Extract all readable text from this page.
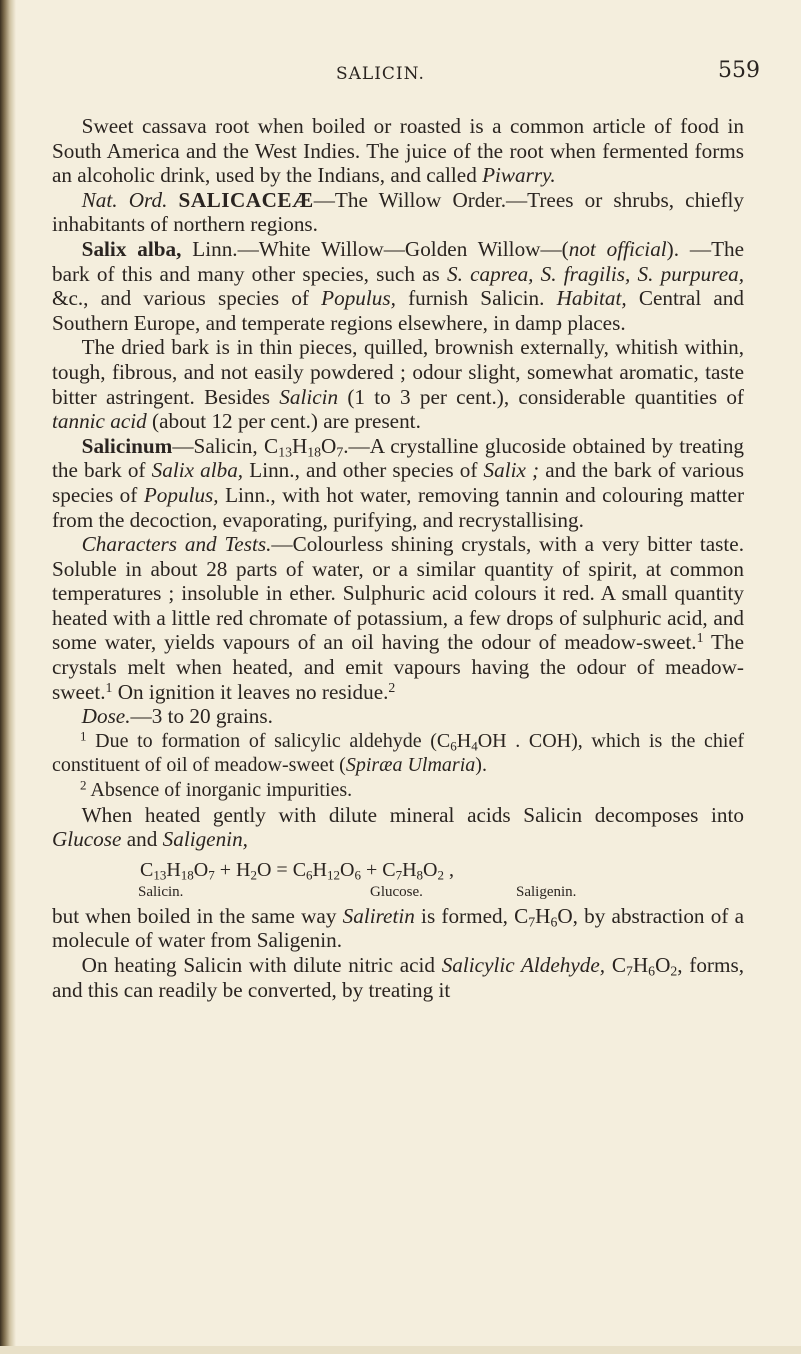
SALICIN.	559

Sweet cassava root when boiled or roasted is a common article of food in South America and the West Indies. The juice of the root when fermented forms an alcoholic drink, used by the Indians, and called Piwarry.

Nat. Ord. SALICACEÆ—The Willow Order.—Trees or shrubs, chiefly inhabitants of northern regions.

Salix alba, Linn.—White Willow—Golden Willow—(not official). —The bark of this and many other species, such as S. caprea, S. fragilis, S. purpurea, &c., and various species of Populus, furnish Salicin. Habitat, Central and Southern Europe, and temperate regions elsewhere, in damp places.

The dried bark is in thin pieces, quilled, brownish externally, whitish within, tough, fibrous, and not easily powdered ; odour slight, somewhat aromatic, taste bitter astringent. Besides Salicin (1 to 3 per cent.), considerable quantities of tannic acid (about 12 per cent.) are present.

Salicinum—Salicin, $C_{13}H_{18}O_7.—A$ crystalline glucoside obtained by treating the bark of Salix alba, Linn., and other species of Salix ; and the bark of various species of Populus, Linn., with hot water, removing tannin and colouring matter from the decoction, evaporating, purifying, and recrystallising.

Characters and Tests.—Colourless shining crystals, with a very bitter taste. Soluble in about 28 parts of water, or a similar quantity of spirit, at common temperatures ; insoluble in ether. Sulphuric acid colours it red. A small quantity heated with a little red chromate of potassium, a few drops of sulphuric acid, and some water, yields vapours of an oil having the odour of meadow-sweet.$^1$ The crystals melt when heated, and emit vapours having the odour of meadow-sweet.$^1$ On ignition it leaves no residue.$^2$

Dose.—3 to 20 grains.

$^1$ Due to formation of salicylic aldehyde ($C_6H_4OH$ . COH), which is the chief constituent of oil of meadow-sweet (Spiræa Ulmaria).

$^2$ Absence of inorganic impurities.

When heated gently with dilute mineral acids Salicin decomposes into Glucose and Saligenin,

$C_{13}H_{18}O_7 + H_2O = C_6H_{12}O_6 + C_7H_8O_2$ ,
Salicin.	Glucose.	Saligenin.

but when boiled in the same way Saliretin is formed, $C_7H_6O$, by abstraction of a molecule of water from Saligenin.

On heating Salicin with dilute nitric acid Salicylic Aldehyde, $C_7H_6O_2$, forms, and this can readily be converted, by treating it
